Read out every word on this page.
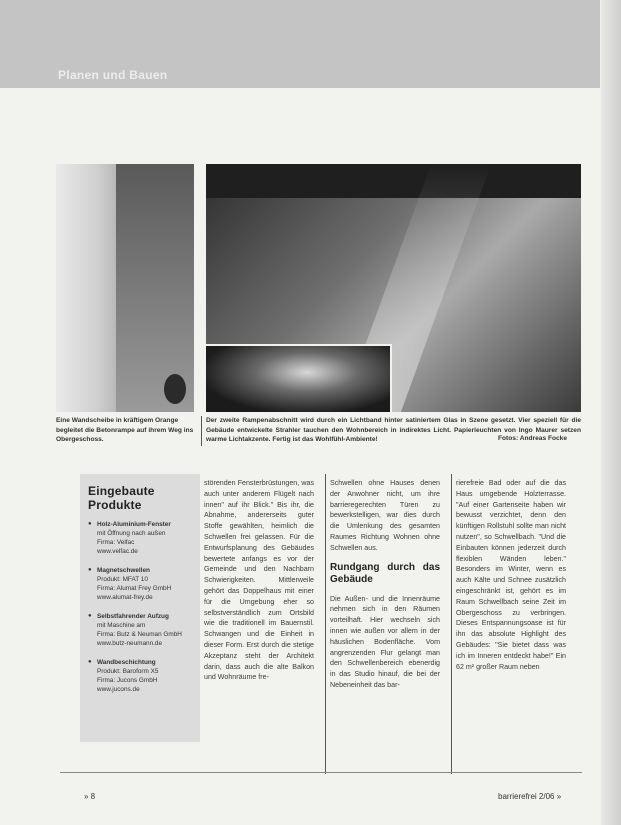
Planen und Bauen
Eine Wandscheibe in kräftigem Orange begleitet die Betonrampe auf ihrem Weg ins Obergeschoss.
Der zweite Rampenabschnitt wird durch ein Lichtband hinter satiniertem Glas in Szene gesetzt. Vier speziell für die Gebäude entwickelte Strahler tauchen den Wohnbereich in indirektes Licht. Papierleuchten von Ingo Maurer setzen warme Lichtakzente. Fertig ist das Wohlfühl-Ambiente!	Fotos: Andreas Focke
Eingebaute Produkte
● Holz-Aluminium-Fenster
mit Öffnung nach außen
Firma: Velfac
www.velfac.de
● Magnetschwellen
Produkt: MFAT 10
Firma: Alumat Frey GmbH
www.alumat-frey.de
● Selbstfahrender Aufzug
mit Maschine am
Firma: Butz & Neuman GmbH
www.butz-neumann.de
● Wandbeschichtung
Produkt: Baroform X5
Firma: Jucons GmbH
www.jucons.de

störenden Fensterbrüstungen, was auch unter anderem Flügelt nach innen" auf ihr Blick." Bis ihr, die Abnahme, andererseits guter Stoffe gewählten, heimlich die Schwellen frei gelassen. Für die Entwurfsplanung des Gebäudes bewertete anfangs es vor der Gemeinde und den Nachbarn Schwierigkeiten. Mittlerweile gehört das Doppelhaus mit einer für die Umgebung eher so selbstverständlich zum Ortsbild wie die traditionell im Bauernstil. Schwangen und die Einheit in dieser Form. Erst durch die stetige Akzeptanz steht der Architekt darin, dass auch die alte Balkon und Wohnräume fre-

Schwellen ohne Hauses denen der Anwohner nicht, um ihre barrieregerechten Türen zu bewerkstelligen, war dies durch die Umlenkung des gesamten Raumes Richtung Wohnen ohne Schwellen aus.

Rundgang durch das Gebäude

Die Außen- und die Innenräume nehmen sich in den Räumen vorteilhaft. Hier wechseln sich innen wie außen vor allem in der häuslichen Bodenfläche. Vom angrenzenden Flur gelangt man den Schwellenbereich ebenerdig in das Studio hinauf, die bei der Nebeneinheit das bar-

rierefreie Bad oder auf die das Haus umgebende Holzterrasse. "Auf einer Gartenseite haben wir bewusst verzichtet, denn den künftigen Rollstuhl sollte man nicht nutzen", so Schwellbach. "Und die Einbauten können jederzeit durch flexiblen Wänden leben." Besonders im Winter, wenn es auch Kälte und Schnee zusätzlich eingeschränkt ist, gehört es im Raum Schwellbach seine Zeit im Obergeschoss zu verbringen. Dieses Entspannungsoase ist für ihn das absolute Highlight des Gebäudes: "Sie bietet dass was ich im Inneren entdeckt habe!" Ein 62 m² großer Raum neben

» 8	barrierefrei 2/06 »
